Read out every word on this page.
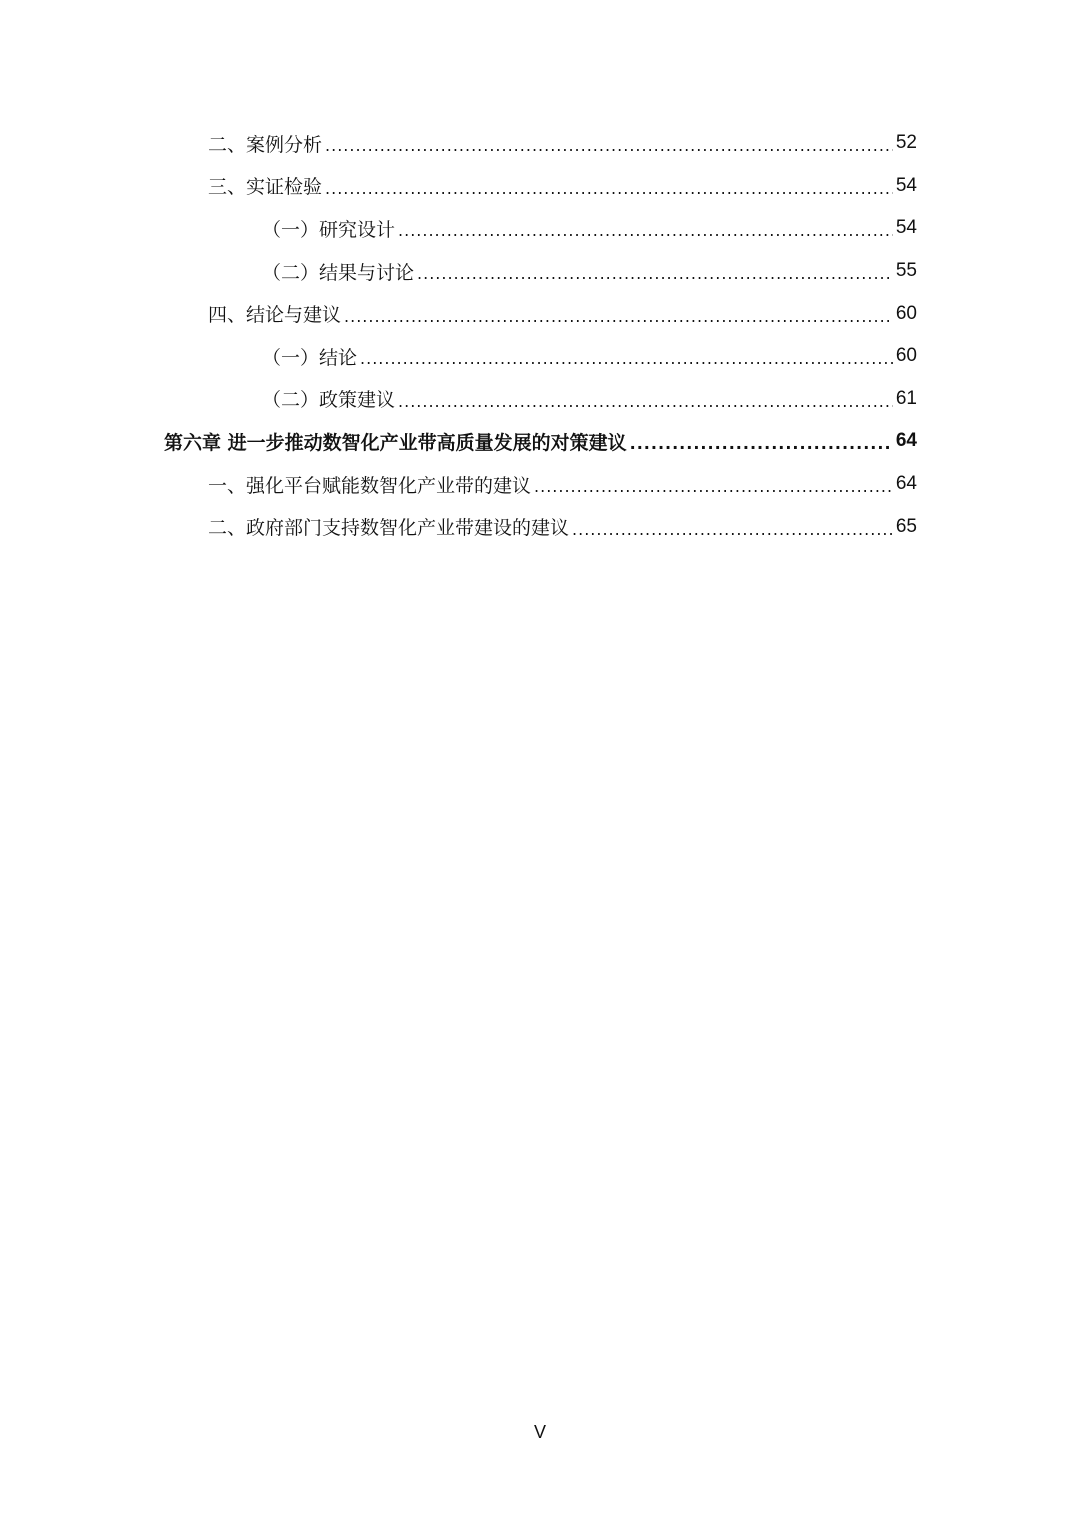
二、案例分析 .....	52
三、实证检验 .....	54
（一）研究设计 .....	54
（二）结果与讨论 .....	55
四、结论与建议 .....	60
（一）结论 .....	60
（二）政策建议 .....	61
第六章 进一步推动数智化产业带高质量发展的对策建议 .....	64
一、强化平台赋能数智化产业带的建议 .....	64
二、政府部门支持数智化产业带建设的建议 .....	65
V
